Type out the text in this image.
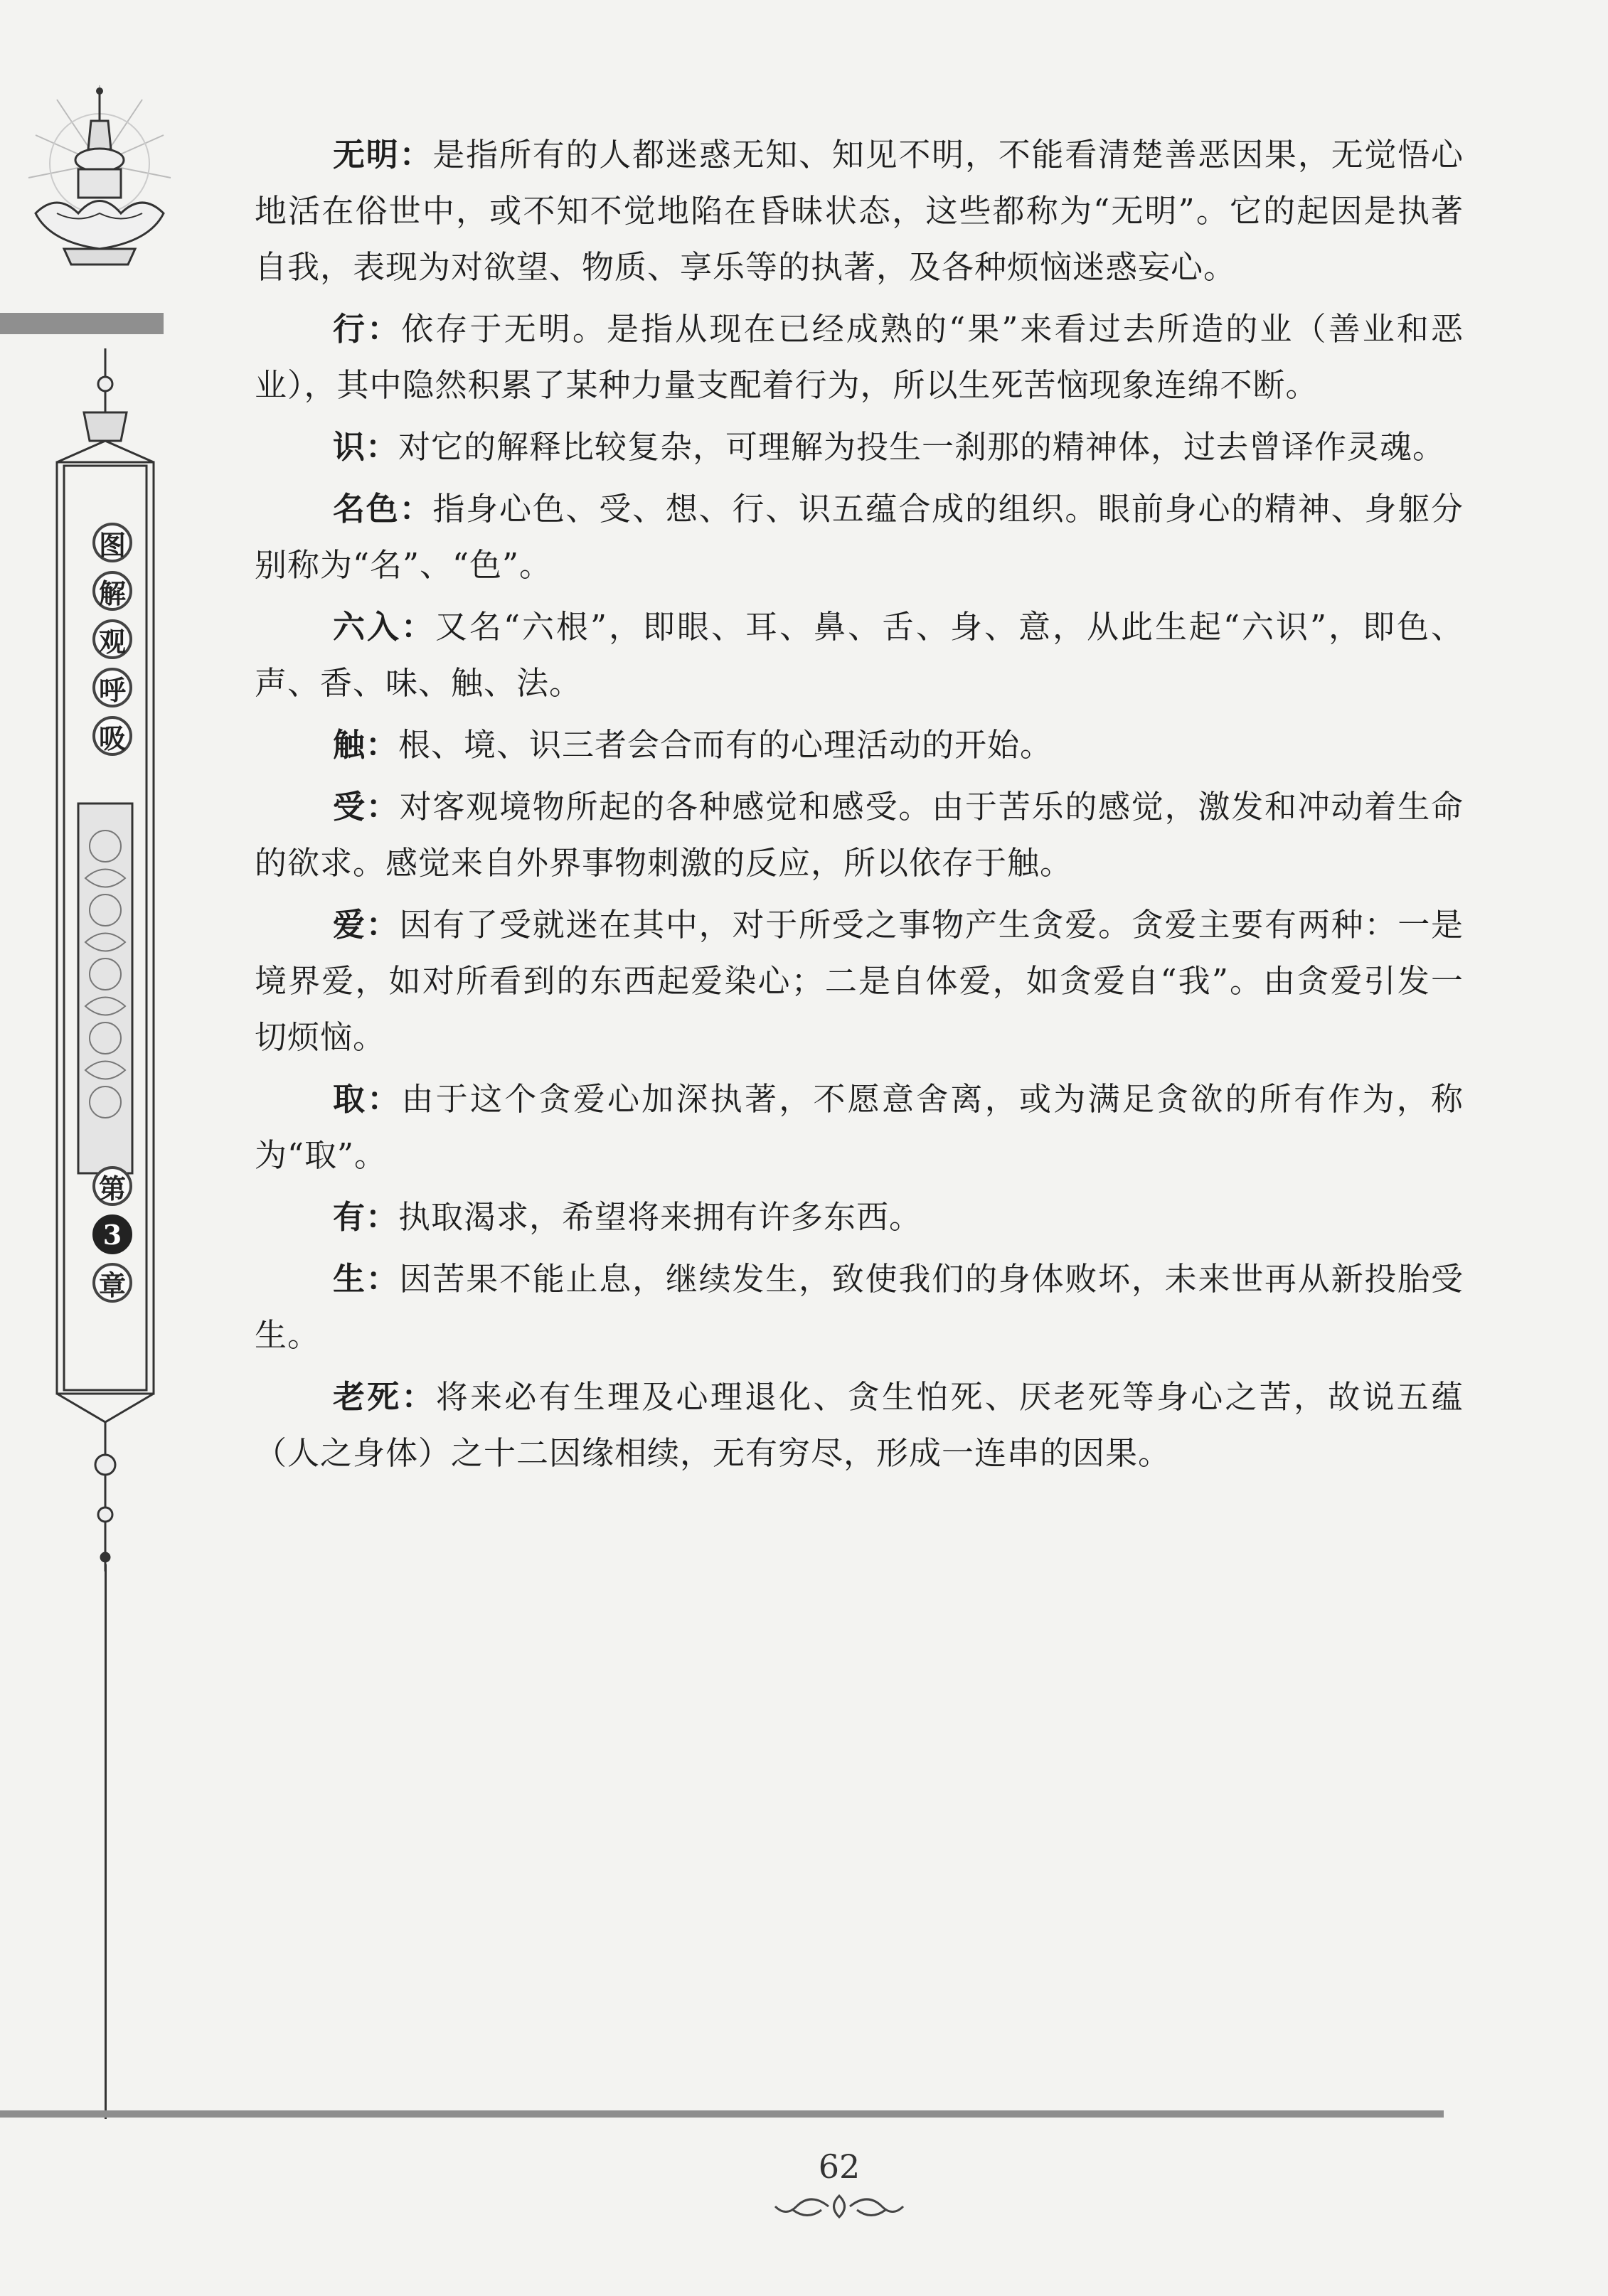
图
解
观
呼
吸
第
3
章

无明：是指所有的人都迷惑无知、知见不明，不能看清楚善恶因果，无觉悟心地活在俗世中，或不知不觉地陷在昏昧状态，这些都称为“无明”。它的起因是执著自我，表现为对欲望、物质、享乐等的执著，及各种烦恼迷惑妄心。

行：依存于无明。是指从现在已经成熟的“果”来看过去所造的业（善业和恶业），其中隐然积累了某种力量支配着行为，所以生死苦恼现象连绵不断。

识：对它的解释比较复杂，可理解为投生一刹那的精神体，过去曾译作灵魂。

名色：指身心色、受、想、行、识五蕴合成的组织。眼前身心的精神、身躯分别称为“名”、“色”。

六入：又名“六根”，即眼、耳、鼻、舌、身、意，从此生起“六识”，即色、声、香、味、触、法。

触：根、境、识三者会合而有的心理活动的开始。

受：对客观境物所起的各种感觉和感受。由于苦乐的感觉，激发和冲动着生命的欲求。感觉来自外界事物刺激的反应，所以依存于触。

爱：因有了受就迷在其中，对于所受之事物产生贪爱。贪爱主要有两种：一是境界爱，如对所看到的东西起爱染心；二是自体爱，如贪爱自“我”。由贪爱引发一切烦恼。

取：由于这个贪爱心加深执著，不愿意舍离，或为满足贪欲的所有作为，称为“取”。

有：执取渴求，希望将来拥有许多东西。

生：因苦果不能止息，继续发生，致使我们的身体败坏，未来世再从新投胎受生。

老死：将来必有生理及心理退化、贪生怕死、厌老死等身心之苦，故说五蕴（人之身体）之十二因缘相续，无有穷尽，形成一连串的因果。

62
